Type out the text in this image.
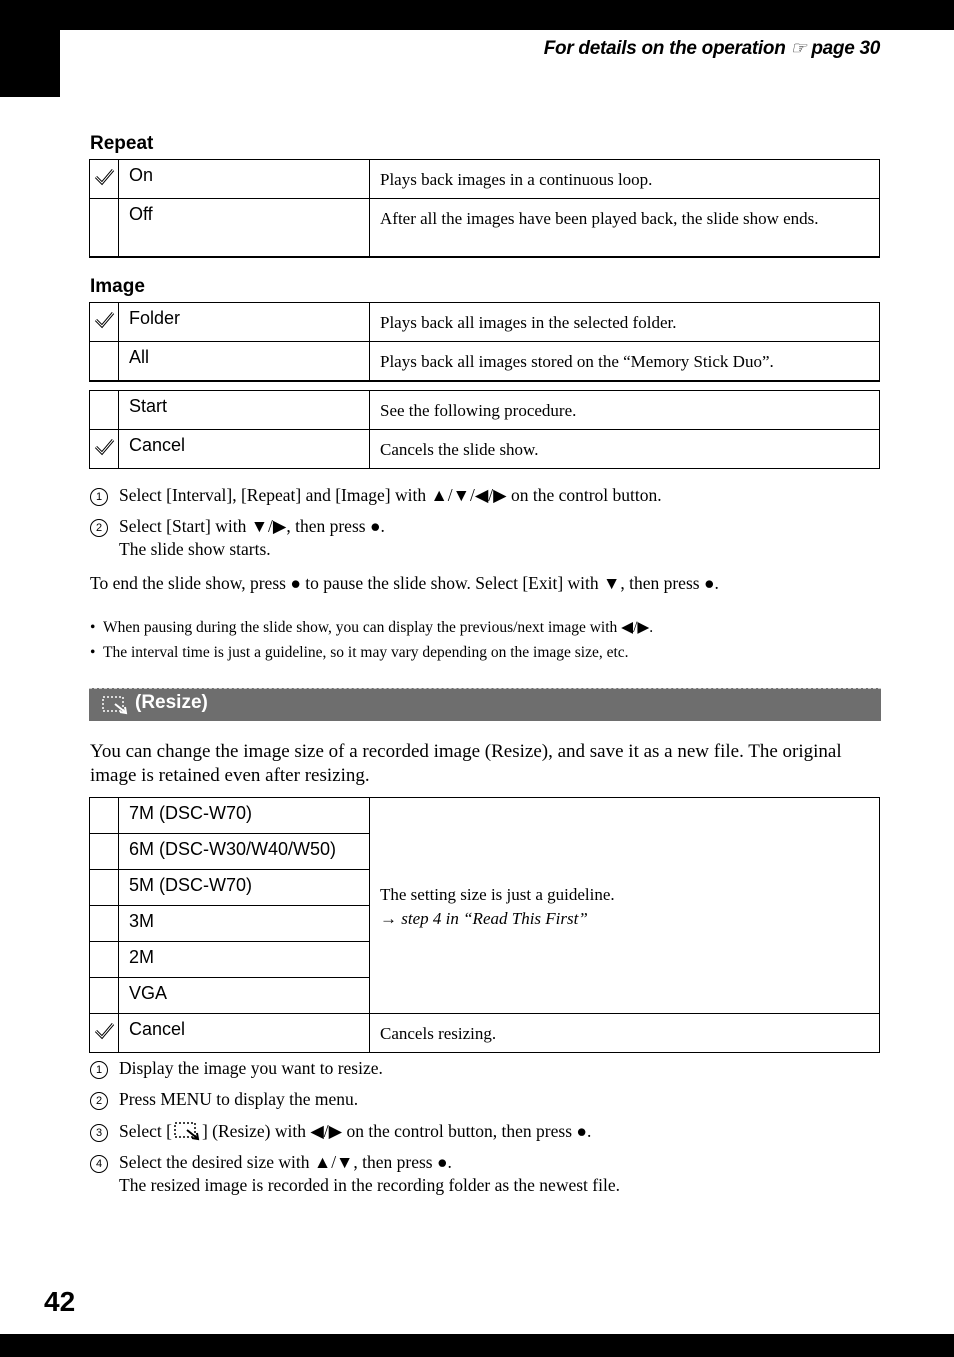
For details on the operation ☞ page 30
Repeat
	On	Plays back images in a continuous loop.
	Off	After all the images have been played back, the slide show ends.
Image
	Folder	Plays back all images in the selected folder.
	All	Plays back all images stored on the “Memory Stick Duo”.
	Start	See the following procedure.
	Cancel	Cancels the slide show.
1 Select [Interval], [Repeat] and [Image] with ▲/▼/◀/▶ on the control button.
2 Select [Start] with ▼/▶, then press ●.
The slide show starts.
To end the slide show, press ● to pause the slide show. Select [Exit] with ▼, then press ●.
• When pausing during the slide show, you can display the previous/next image with ◀/▶.
• The interval time is just a guideline, so it may vary depending on the image size, etc.
(Resize)
You can change the image size of a recorded image (Resize), and save it as a new file. The original image is retained even after resizing.
	7M (DSC-W70)	The setting size is just a guideline.
→ step 4 in “Read This First”

	6M (DSC-W30/W40/W50)	
	5M (DSC-W70)	
	3M	
	2M	
	VGA	
	Cancel	Cancels resizing.
1 Display the image you want to resize.
2 Press MENU to display the menu.
3 Select [ ] (Resize) with ◀/▶ on the control button, then press ●.
4 Select the desired size with ▲/▼, then press ●.
The resized image is recorded in the recording folder as the newest file.
42
